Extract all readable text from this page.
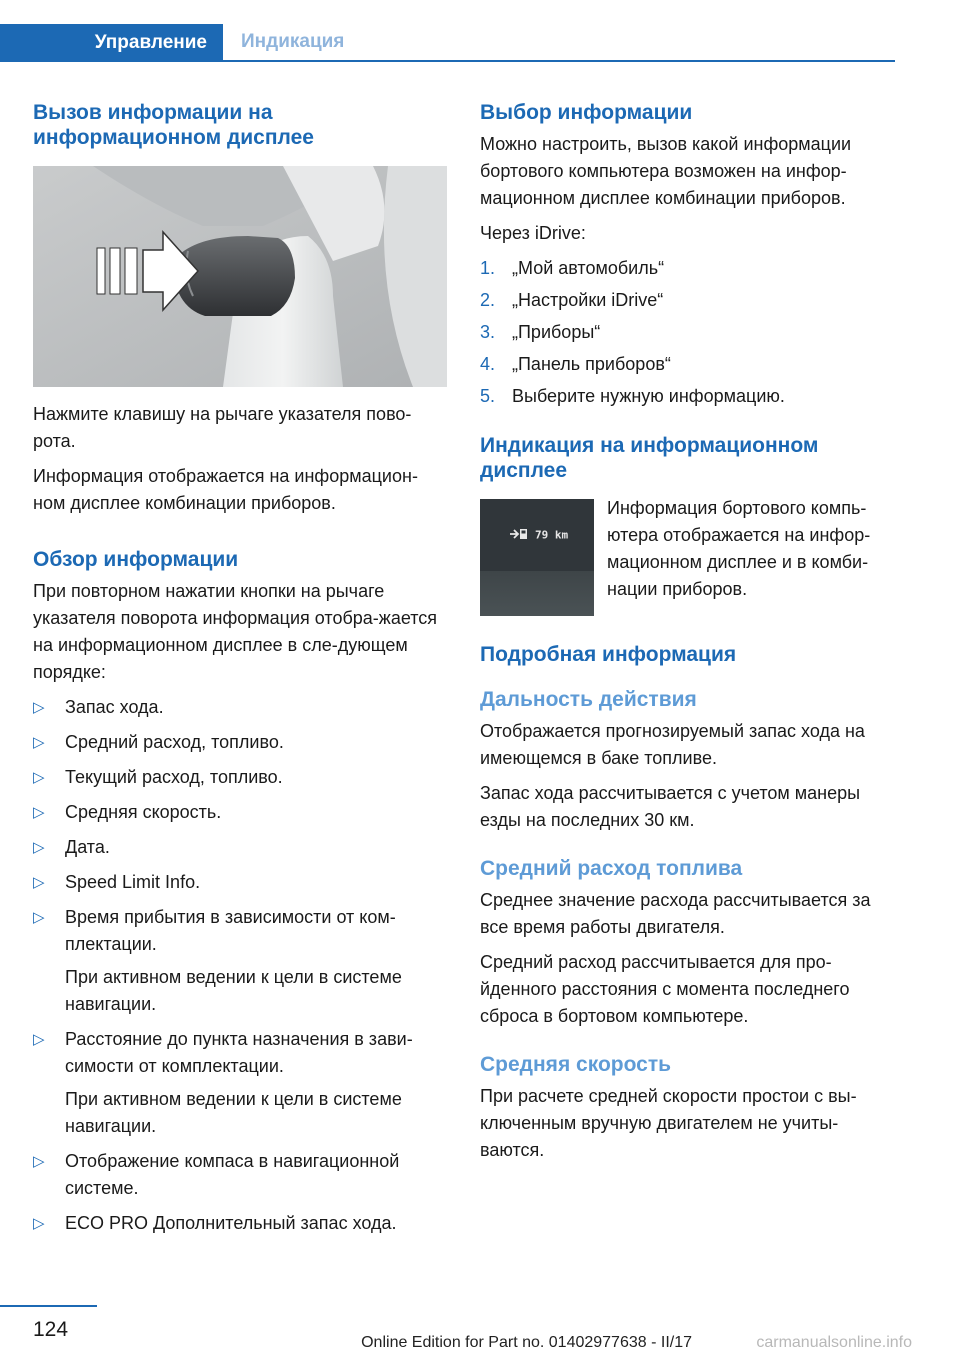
Управление	Индикация
Вызов информации на информационном дисплее

Нажмите клавишу на рычаге указателя пово-рота.

Информация отображается на информацион-ном дисплее комбинации приборов.

Обзор информации

При повторном нажатии кнопки на рычаге указателя поворота информация отобра-жается на информационном дисплее в сле-дующем порядке:

▷ Запас хода.
▷ Средний расход, топливо.
▷ Текущий расход, топливо.
▷ Средняя скорость.
▷ Дата.
▷ Speed Limit Info.
▷ Время прибытия в зависимости от ком-плектации.
При активном ведении к цели в системе навигации.
▷ Расстояние до пункта назначения в зави-симости от комплектации.
При активном ведении к цели в системе навигации.
▷ Отображение компаса в навигационной системе.
▷ ECO PRO Дополнительный запас хода.
Выбор информации

Можно настроить, вызов какой информации бортового компьютера возможен на инфор-мационном дисплее комбинации приборов.

Через iDrive:

1. „Мой автомобиль“
2. „Настройки iDrive“
3. „Приборы“
4. „Панель приборов“
5. Выберите нужную информацию.
Индикация на информационном дисплее
79 km

Информация бортового компь-ютера отображается на инфор-мационном дисплее и в комби-нации приборов.

Подробная информация
Дальность действия

Отображается прогнозируемый запас хода на имеющемся в баке топливе.

Запас хода рассчитывается с учетом манеры езды на последних 30 км.

Средний расход топлива

Среднее значение расхода рассчитывается за все время работы двигателя.

Средний расход рассчитывается для про-йденного расстояния с момента последнего сброса в бортовом компьютере.

Средняя скорость

При расчете средней скорости простои с вы-ключенным вручную двигателем не учиты-ваются.

124
Online Edition for Part no. 01402977638 - II/17	carmanualsonline.info
